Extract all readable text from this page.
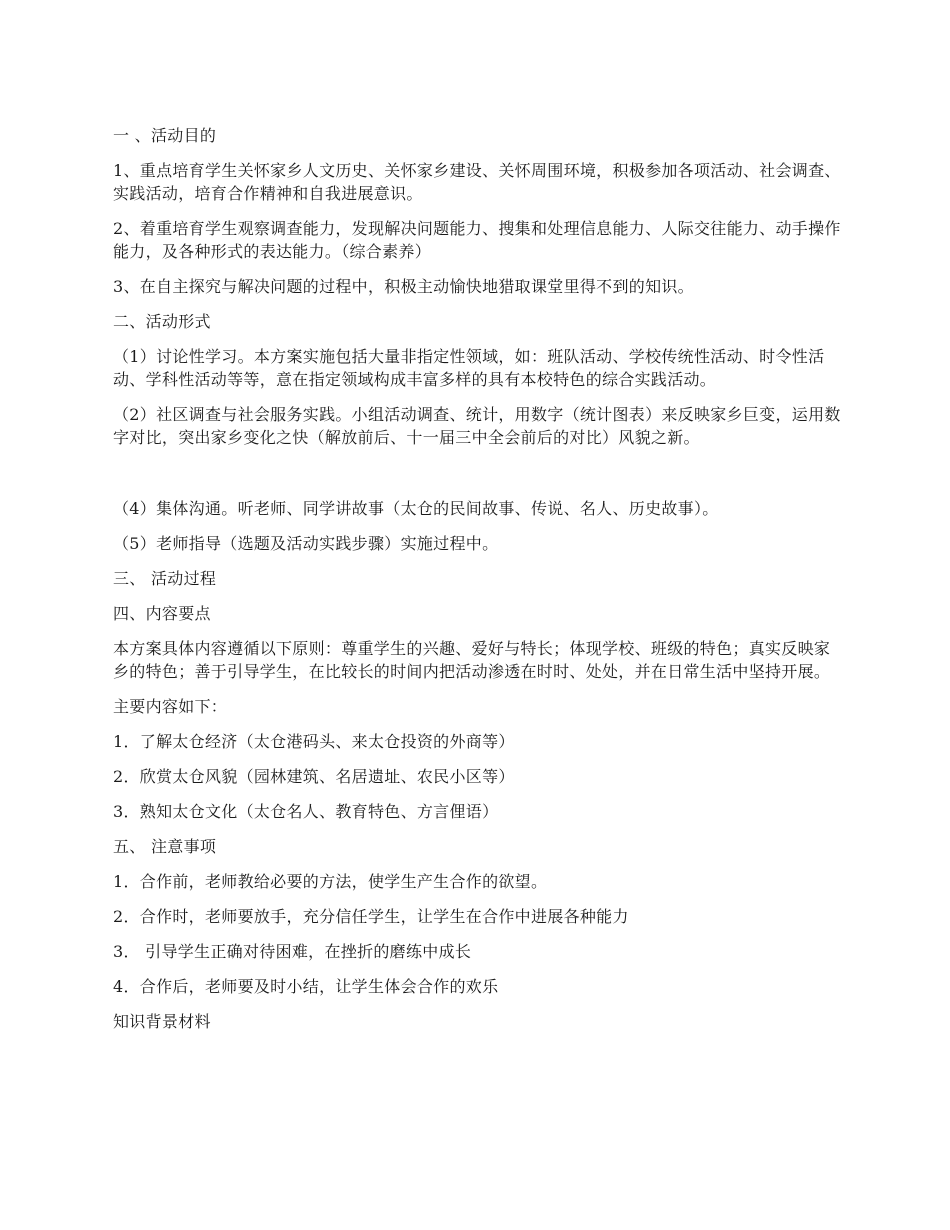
一 、活动目的

1、重点培育学生关怀家乡人文历史、关怀家乡建设、关怀周围环境，积极参加各项活动、社会调查、实践活动，培育合作精神和自我进展意识。

2、着重培育学生观察调查能力，发现解决问题能力、搜集和处理信息能力、人际交往能力、动手操作能力，及各种形式的表达能力。（综合素养）

3、在自主探究与解决问题的过程中，积极主动愉快地猎取课堂里得不到的知识。

二、活动形式

（1）讨论性学习。本方案实施包括大量非指定性领域，如：班队活动、学校传统性活动、时令性活动、学科性活动等等，意在指定领域构成丰富多样的具有本校特色的综合实践活动。

（2）社区调查与社会服务实践。小组活动调查、统计，用数字（统计图表）来反映家乡巨变，运用数字对比，突出家乡变化之快（解放前后、十一届三中全会前后的对比）风貌之新。

（4）集体沟通。听老师、同学讲故事（太仓的民间故事、传说、名人、历史故事）。

（5）老师指导（选题及活动实践步骤）实施过程中。

三、 活动过程

四、内容要点

本方案具体内容遵循以下原则：尊重学生的兴趣、爱好与特长；体现学校、班级的特色；真实反映家乡的特色；善于引导学生，在比较长的时间内把活动渗透在时时、处处，并在日常生活中坚持开展。

主要内容如下：

1．了解太仓经济（太仓港码头、来太仓投资的外商等）

2．欣赏太仓风貌（园林建筑、名居遗址、农民小区等）

3．熟知太仓文化（太仓名人、教育特色、方言俚语）

五、 注意事项

1．合作前，老师教给必要的方法，使学生产生合作的欲望。

2．合作时，老师要放手，充分信任学生，让学生在合作中进展各种能力

3． 引导学生正确对待困难，在挫折的磨练中成长

4．合作后，老师要及时小结，让学生体会合作的欢乐

知识背景材料
